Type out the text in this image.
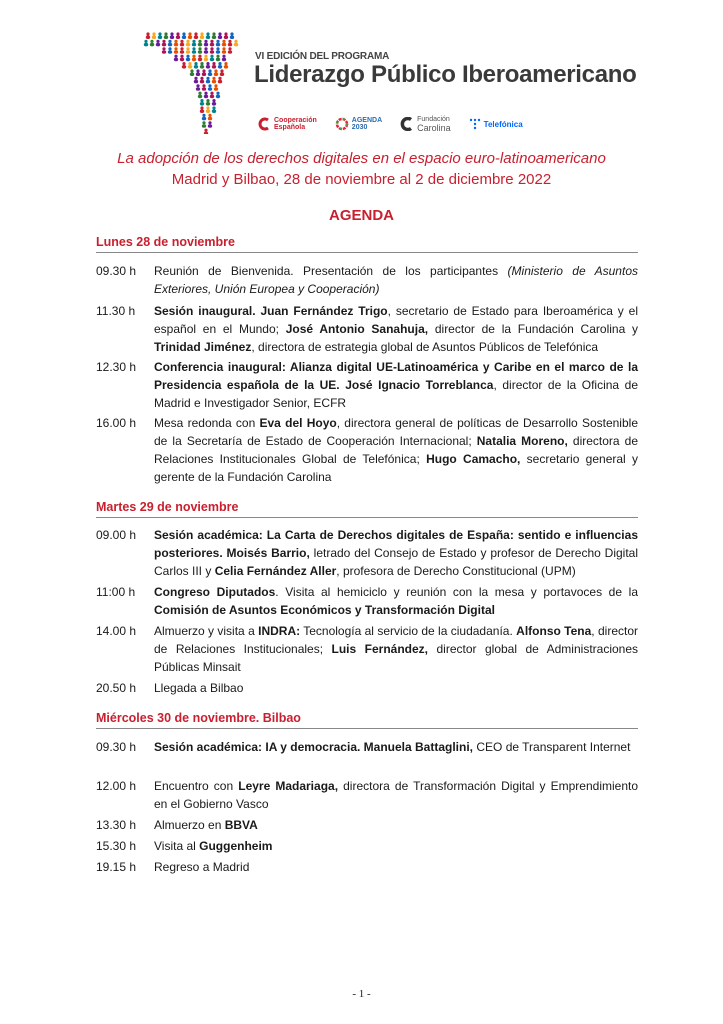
VI EDICIÓN DEL PROGRAMA
Liderazgo Público Iberoamericano
Cooperación
Española
AGENDA
2030
Fundación
Carolina	Telefónica
La adopción de los derechos digitales en el espacio euro-latinoamericano
Madrid y Bilbao, 28 de noviembre al 2 de diciembre 2022
AGENDA
Lunes 28 de noviembre
09.30 h	Reunión de Bienvenida. Presentación de los participantes (Ministerio de Asuntos Exteriores, Unión Europea y Cooperación)
11.30 h	Sesión inaugural. Juan Fernández Trigo, secretario de Estado para Iberoamérica y el español en el Mundo; José Antonio Sanahuja, director de la Fundación Carolina y Trinidad Jiménez, directora de estrategia global de Asuntos Públicos de Telefónica
12.30 h	Conferencia inaugural: Alianza digital UE-Latinoamérica y Caribe en el marco de la Presidencia española de la UE. José Ignacio Torreblanca, director de la Oficina de Madrid e Investigador Senior, ECFR
16.00 h	Mesa redonda con Eva del Hoyo, directora general de políticas de Desarrollo Sostenible de la Secretaría de Estado de Cooperación Internacional; Natalia Moreno, directora de Relaciones Institucionales Global de Telefónica; Hugo Camacho, secretario general y gerente de la Fundación Carolina
Martes 29 de noviembre
09.00 h	Sesión académica: La Carta de Derechos digitales de España: sentido e influencias posteriores. Moisés Barrio, letrado del Consejo de Estado y profesor de Derecho Digital Carlos III y Celia Fernández Aller, profesora de Derecho Constitucional (UPM)
11:00 h	Congreso Diputados. Visita al hemiciclo y reunión con la mesa y portavoces de la Comisión de Asuntos Económicos y Transformación Digital
14.00 h	Almuerzo y visita a INDRA: Tecnología al servicio de la ciudadanía. Alfonso Tena, director de Relaciones Institucionales; Luis Fernández, director global de Administraciones Públicas Minsait
20.50 h	Llegada a Bilbao
Miércoles 30 de noviembre. Bilbao
09.30 h	Sesión académica: IA y democracia. Manuela Battaglini, CEO de Transparent Internet
12.00 h	Encuentro con Leyre Madariaga, directora de Transformación Digital y Emprendimiento en el Gobierno Vasco
13.30 h	Almuerzo en BBVA
15.30 h	Visita al Guggenheim
19.15 h	Regreso a Madrid
- 1 -
